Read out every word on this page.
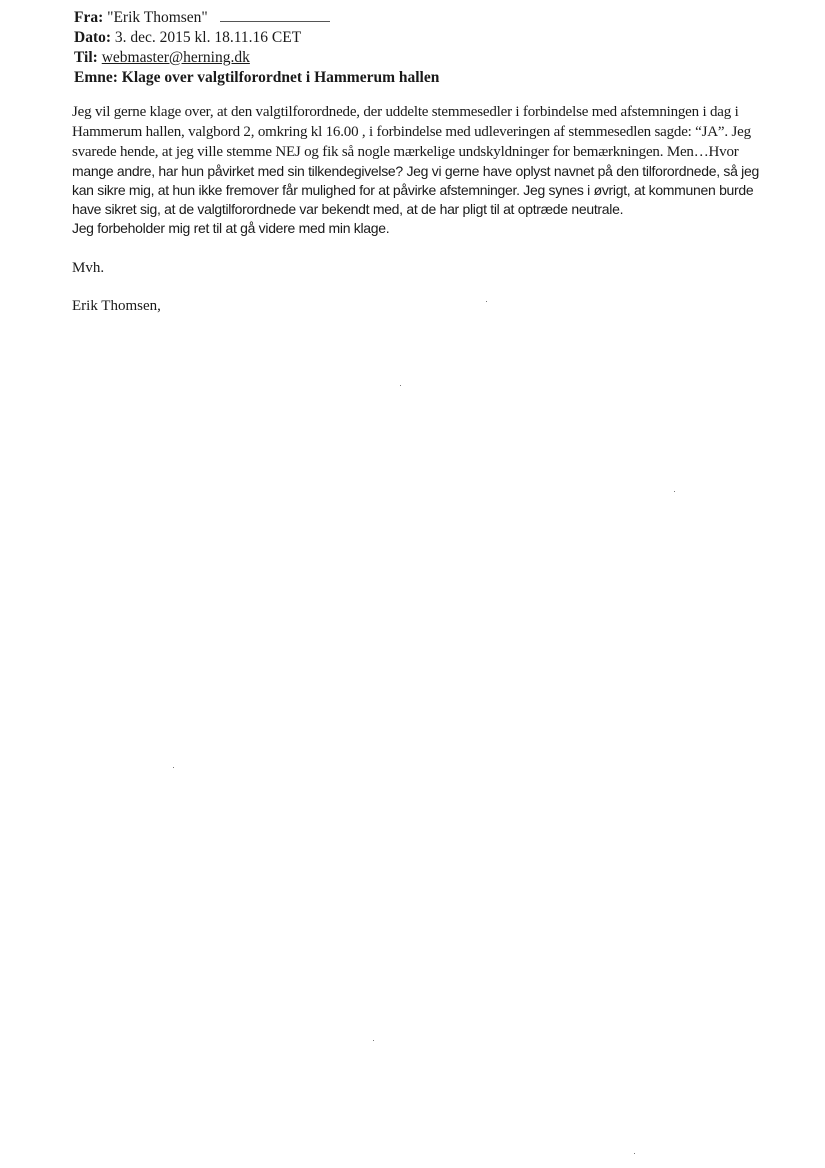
Fra: "Erik Thomsen"
Dato: 3. dec. 2015 kl. 18.11.16 CET
Til: webmaster@herning.dk
Emne: Klage over valgtilforordnet i Hammerum hallen
Jeg vil gerne klage over, at den valgtilforordnede, der uddelte stemmesedler i forbindelse med afstemningen i dag i
Hammerum hallen, valgbord 2, omkring kl 16.00 , i forbindelse med udleveringen af stemmesedlen sagde: “JA”. Jeg
svarede hende, at jeg ville stemme NEJ og fik så nogle mærkelige undskyldninger for bemærkningen. Men…Hvor
mange andre, har hun påvirket med sin tilkendegivelse? Jeg vi gerne have oplyst navnet på den tilforordnede, så jeg
kan sikre mig, at hun ikke fremover får mulighed for at påvirke afstemninger. Jeg synes i øvrigt, at kommunen burde
have sikret sig, at de valgtilforordnede var bekendt med, at de har pligt til at optræde neutrale.
Jeg forbeholder mig ret til at gå videre med min klage.
Mvh.
Erik Thomsen,
